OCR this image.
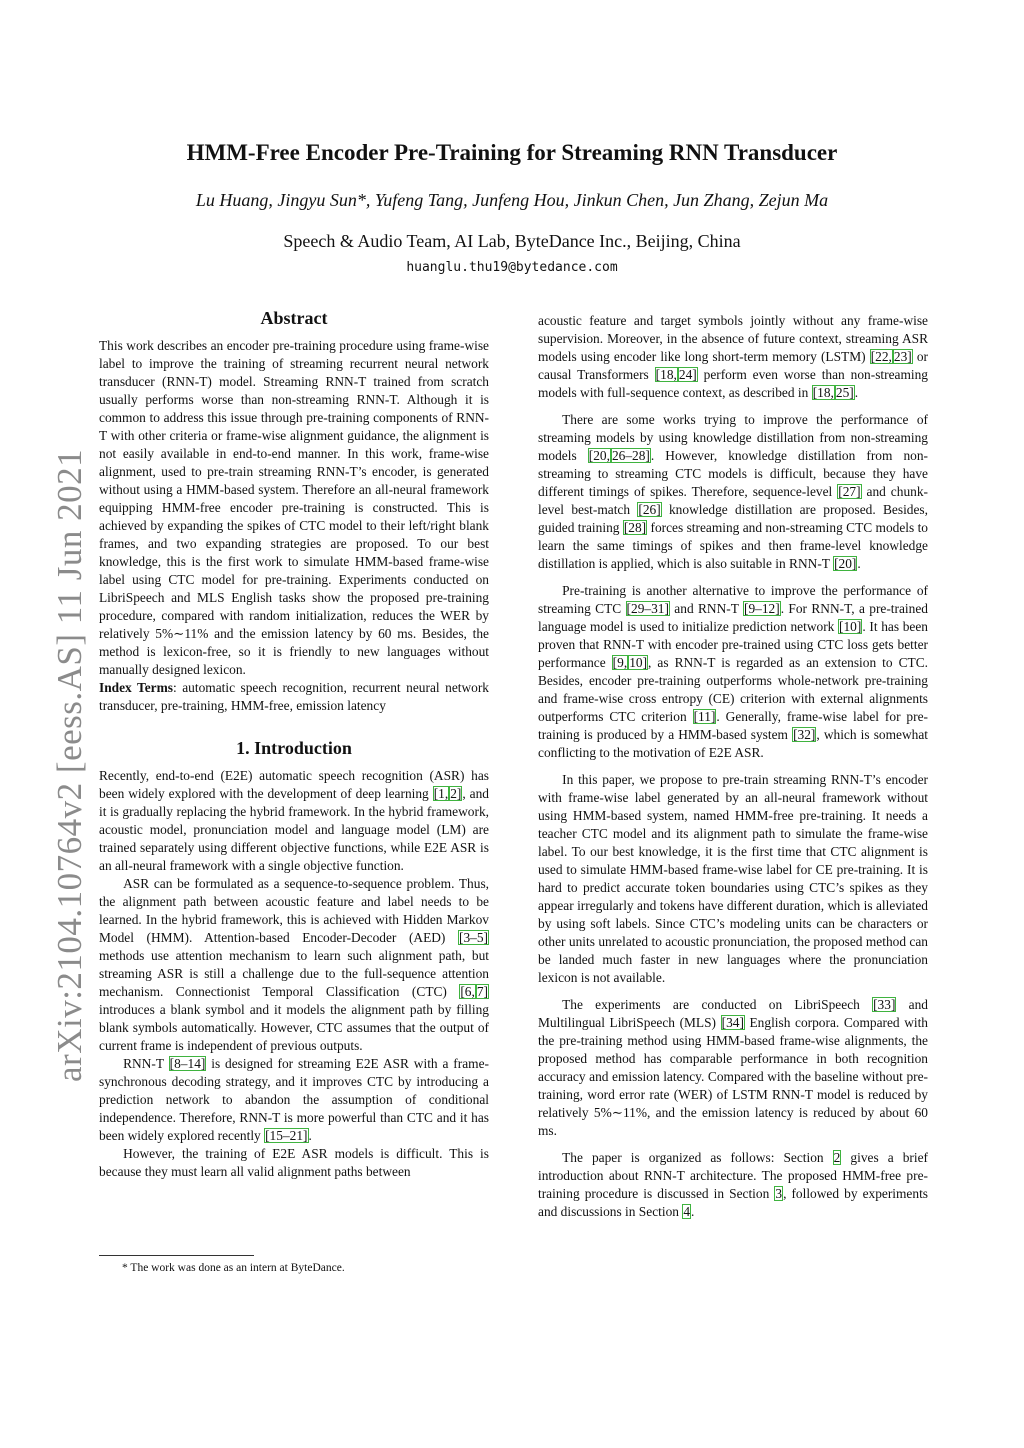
arXiv:2104.10764v2 [eess.AS] 11 Jun 2021
HMM-Free Encoder Pre-Training for Streaming RNN Transducer
Lu Huang, Jingyu Sun*, Yufeng Tang, Junfeng Hou, Jinkun Chen, Jun Zhang, Zejun Ma
Speech & Audio Team, AI Lab, ByteDance Inc., Beijing, China
huanglu.thu19@bytedance.com
Abstract

This work describes an encoder pre-training procedure using frame-wise label to improve the training of streaming recurrent neural network transducer (RNN-T) model. Streaming RNN-T trained from scratch usually performs worse than non-streaming RNN-T. Although it is common to address this issue through pre-training components of RNN-T with other criteria or frame-wise alignment guidance, the alignment is not easily available in end-to-end manner. In this work, frame-wise alignment, used to pre-train streaming RNN-T’s encoder, is generated without using a HMM-based system. Therefore an all-neural framework equipping HMM-free encoder pre-training is constructed. This is achieved by expanding the spikes of CTC model to their left/right blank frames, and two expanding strategies are proposed. To our best knowledge, this is the first work to simulate HMM-based frame-wise label using CTC model for pre-training. Experiments conducted on LibriSpeech and MLS English tasks show the proposed pre-training procedure, compared with random initialization, reduces the WER by relatively 5%∼11% and the emission latency by 60 ms. Besides, the method is lexicon-free, so it is friendly to new languages without manually designed lexicon.

Index Terms: automatic speech recognition, recurrent neural network transducer, pre-training, HMM-free, emission latency

1. Introduction

Recently, end-to-end (E2E) automatic speech recognition (ASR) has been widely explored with the development of deep learning [1, 2], and it is gradually replacing the hybrid framework. In the hybrid framework, acoustic model, pronunciation model and language model (LM) are trained separately using different objective functions, while E2E ASR is an all-neural framework with a single objective function.

ASR can be formulated as a sequence-to-sequence problem. Thus, the alignment path between acoustic feature and label needs to be learned. In the hybrid framework, this is achieved with Hidden Markov Model (HMM). Attention-based Encoder-Decoder (AED) [3–5] methods use attention mechanism to learn such alignment path, but streaming ASR is still a challenge due to the full-sequence attention mechanism. Connectionist Temporal Classification (CTC) [6, 7] introduces a blank symbol and it models the alignment path by filling blank symbols automatically. However, CTC assumes that the output of current frame is independent of previous outputs.

RNN-T [8–14] is designed for streaming E2E ASR with a frame-synchronous decoding strategy, and it improves CTC by introducing a prediction network to abandon the assumption of conditional independence. Therefore, RNN-T is more powerful than CTC and it has been widely explored recently [15–21].

However, the training of E2E ASR models is difficult. This is because they must learn all valid alignment paths between

* The work was done as an intern at ByteDance.

acoustic feature and target symbols jointly without any frame-wise supervision. Moreover, in the absence of future context, streaming ASR models using encoder like long short-term memory (LSTM) [22, 23] or causal Transformers [18, 24] perform even worse than non-streaming models with full-sequence context, as described in [18, 25].

There are some works trying to improve the performance of streaming models by using knowledge distillation from non-streaming models [20, 26–28]. However, knowledge distillation from non-streaming to streaming CTC models is difficult, because they have different timings of spikes. Therefore, sequence-level [27] and chunk-level best-match [26] knowledge distillation are proposed. Besides, guided training [28] forces streaming and non-streaming CTC models to learn the same timings of spikes and then frame-level knowledge distillation is applied, which is also suitable in RNN-T [20].

Pre-training is another alternative to improve the performance of streaming CTC [29–31] and RNN-T [9–12]. For RNN-T, a pre-trained language model is used to initialize prediction network [10]. It has been proven that RNN-T with encoder pre-trained using CTC loss gets better performance [9, 10], as RNN-T is regarded as an extension to CTC. Besides, encoder pre-training outperforms whole-network pre-training and frame-wise cross entropy (CE) criterion with external alignments outperforms CTC criterion [11]. Generally, frame-wise label for pre-training is produced by a HMM-based system [32], which is somewhat conflicting to the motivation of E2E ASR.

In this paper, we propose to pre-train streaming RNN-T’s encoder with frame-wise label generated by an all-neural framework without using HMM-based system, named HMM-free pre-training. It needs a teacher CTC model and its alignment path to simulate the frame-wise label. To our best knowledge, it is the first time that CTC alignment is used to simulate HMM-based frame-wise label for CE pre-training. It is hard to predict accurate token boundaries using CTC’s spikes as they appear irregularly and tokens have different duration, which is alleviated by using soft labels. Since CTC’s modeling units can be characters or other units unrelated to acoustic pronunciation, the proposed method can be landed much faster in new languages where the pronunciation lexicon is not available.

The experiments are conducted on LibriSpeech [33] and Multilingual LibriSpeech (MLS) [34] English corpora. Compared with the pre-training method using HMM-based frame-wise alignments, the proposed method has comparable performance in both recognition accuracy and emission latency. Compared with the baseline without pre-training, word error rate (WER) of LSTM RNN-T model is reduced by relatively 5%∼11%, and the emission latency is reduced by about 60 ms.

The paper is organized as follows: Section 2 gives a brief introduction about RNN-T architecture. The proposed HMM-free pre-training procedure is discussed in Section 3, followed by experiments and discussions in Section 4.
